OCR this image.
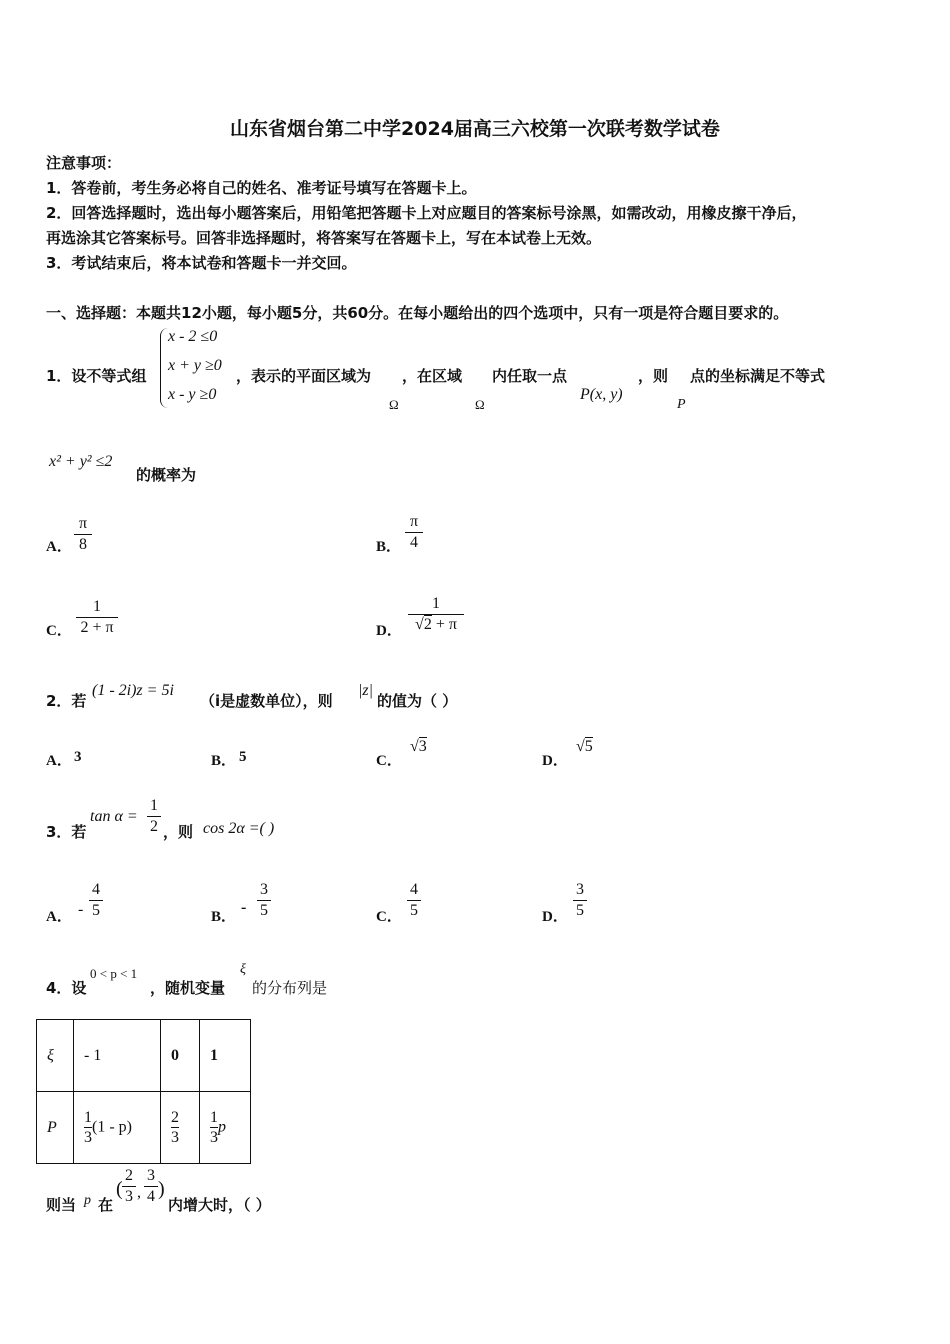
山东省烟台第二中学2024届高三六校第一次联考数学试卷
注意事项：
1．答卷前，考生务必将自己的姓名、准考证号填写在答题卡上。
2．回答选择题时，选出每小题答案后，用铅笔把答题卡上对应题目的答案标号涂黑，如需改动，用橡皮擦干净后，
再选涂其它答案标号。回答非选择题时，将答案写在答题卡上，写在本试卷上无效。
3．考试结束后，将本试卷和答题卡一并交回。
一、选择题：本题共12小题，每小题5分，共60分。在每小题给出的四个选项中，只有一项是符合题目要求的。
1．设不等式组
x - 2 ≤0
x + y ≥0
x - y ≥0
，表示的平面区域为 ，在区域 内任取一点	，则 点的坐标满足不等式
Ω	Ω
P(x, y)
P
x² + y² ≤2
的概率为
A． $\frac{\pi}{8}$	B． $\frac{\pi}{4}$
C． $\frac{1}{2 + \pi}$	D． $\frac{1}{√2 + \pi}$
2．若
(1 - 2i)z = 5i
（i是虚数单位），则
|z|
的值为（ ）
A． 3	B． 5	C．
√3
D．
√5
3．若
$\tan \alpha = \frac{1}{2}$ ，则 cos 2α =( )
A． - $\frac{4}{5}$	B．
- $\frac{3}{5}$	C． $\frac{4}{5}$	D． $\frac{3}{5}$
4．设
0 < p < 1
，随机变量
ξ
的分布列是
ξ	- 1	0	1
P	$\frac{1}{3} (1 - p)$	$\frac{2}{3}$	$\frac{1}{3}$ p
则当 p 在
( $\frac{2}{3}$ , $\frac{3}{4}$ )
内增大时，（ ）
